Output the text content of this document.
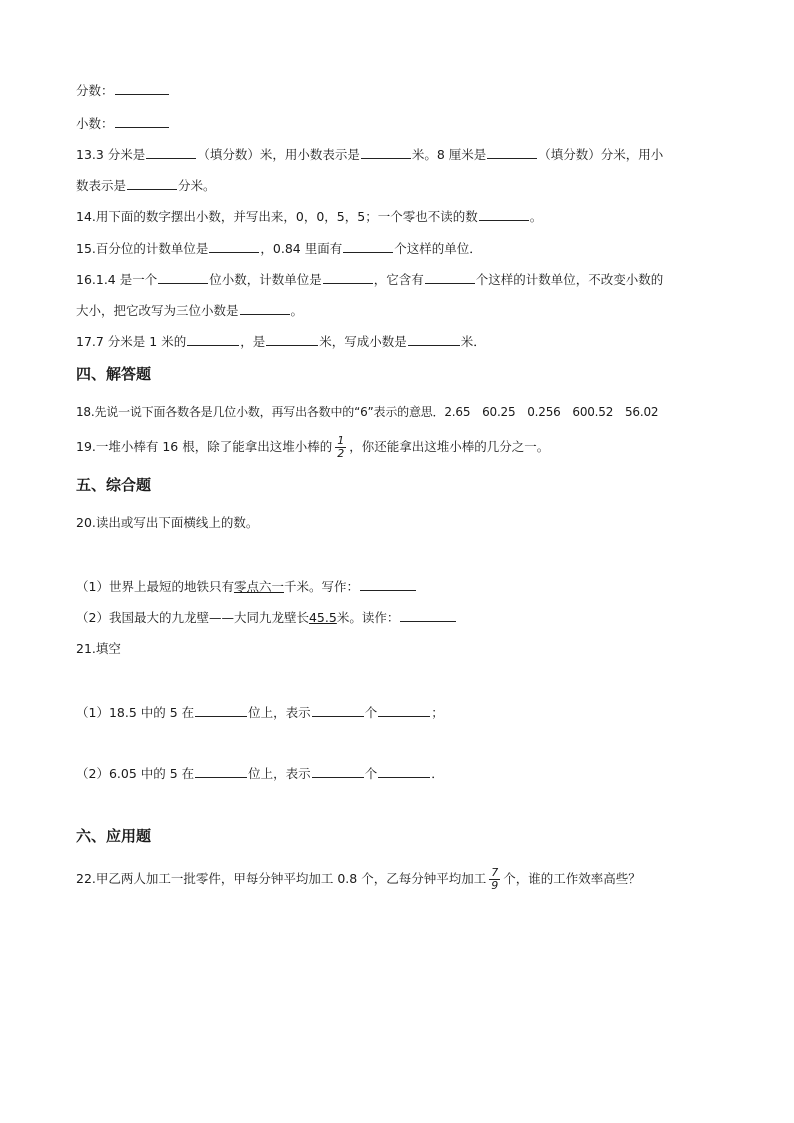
分数：
小数：
13.3 分米是	（填分数）米，用小数表示是	米。8 厘米是	（填分数）分米，用小
数表示是	分米。
14.用下面的数字摆出小数，并写出来，0，0，5，5；一个零也不读的数	。
15.百分位的计数单位是	，0.84 里面有	个这样的单位．
16.1.4 是一个	位小数，计数单位是	，它含有	个这样的计数单位，不改变小数的
大小，把它改写为三位小数是	。
17.7 分米是 1 米的	，是	米，写成小数是	米．
四、解答题
18.先说一说下面各数各是几位小数，再写出各数中的“6”表示的意思．2.65　60.25　0.256　600.52　56.02
19.一堆小棒有 16 根，除了能拿出这堆小棒的 $\frac{1}{2}$ ，你还能拿出这堆小棒的几分之一。
五、综合题
20.读出或写出下面横线上的数。
（1）世界上最短的地铁只有零点六一千米。写作：
（2）我国最大的九龙壁——大同九龙壁长45.5米。读作：
21.填空
（1）18.5 中的 5 在	位上，表示	个	；
（2）6.05 中的 5 在	位上，表示	个	．
六、应用题
22.甲乙两人加工一批零件，甲每分钟平均加工 0.8 个，乙每分钟平均加工 $\frac{7}{9}$ 个，谁的工作效率高些？
